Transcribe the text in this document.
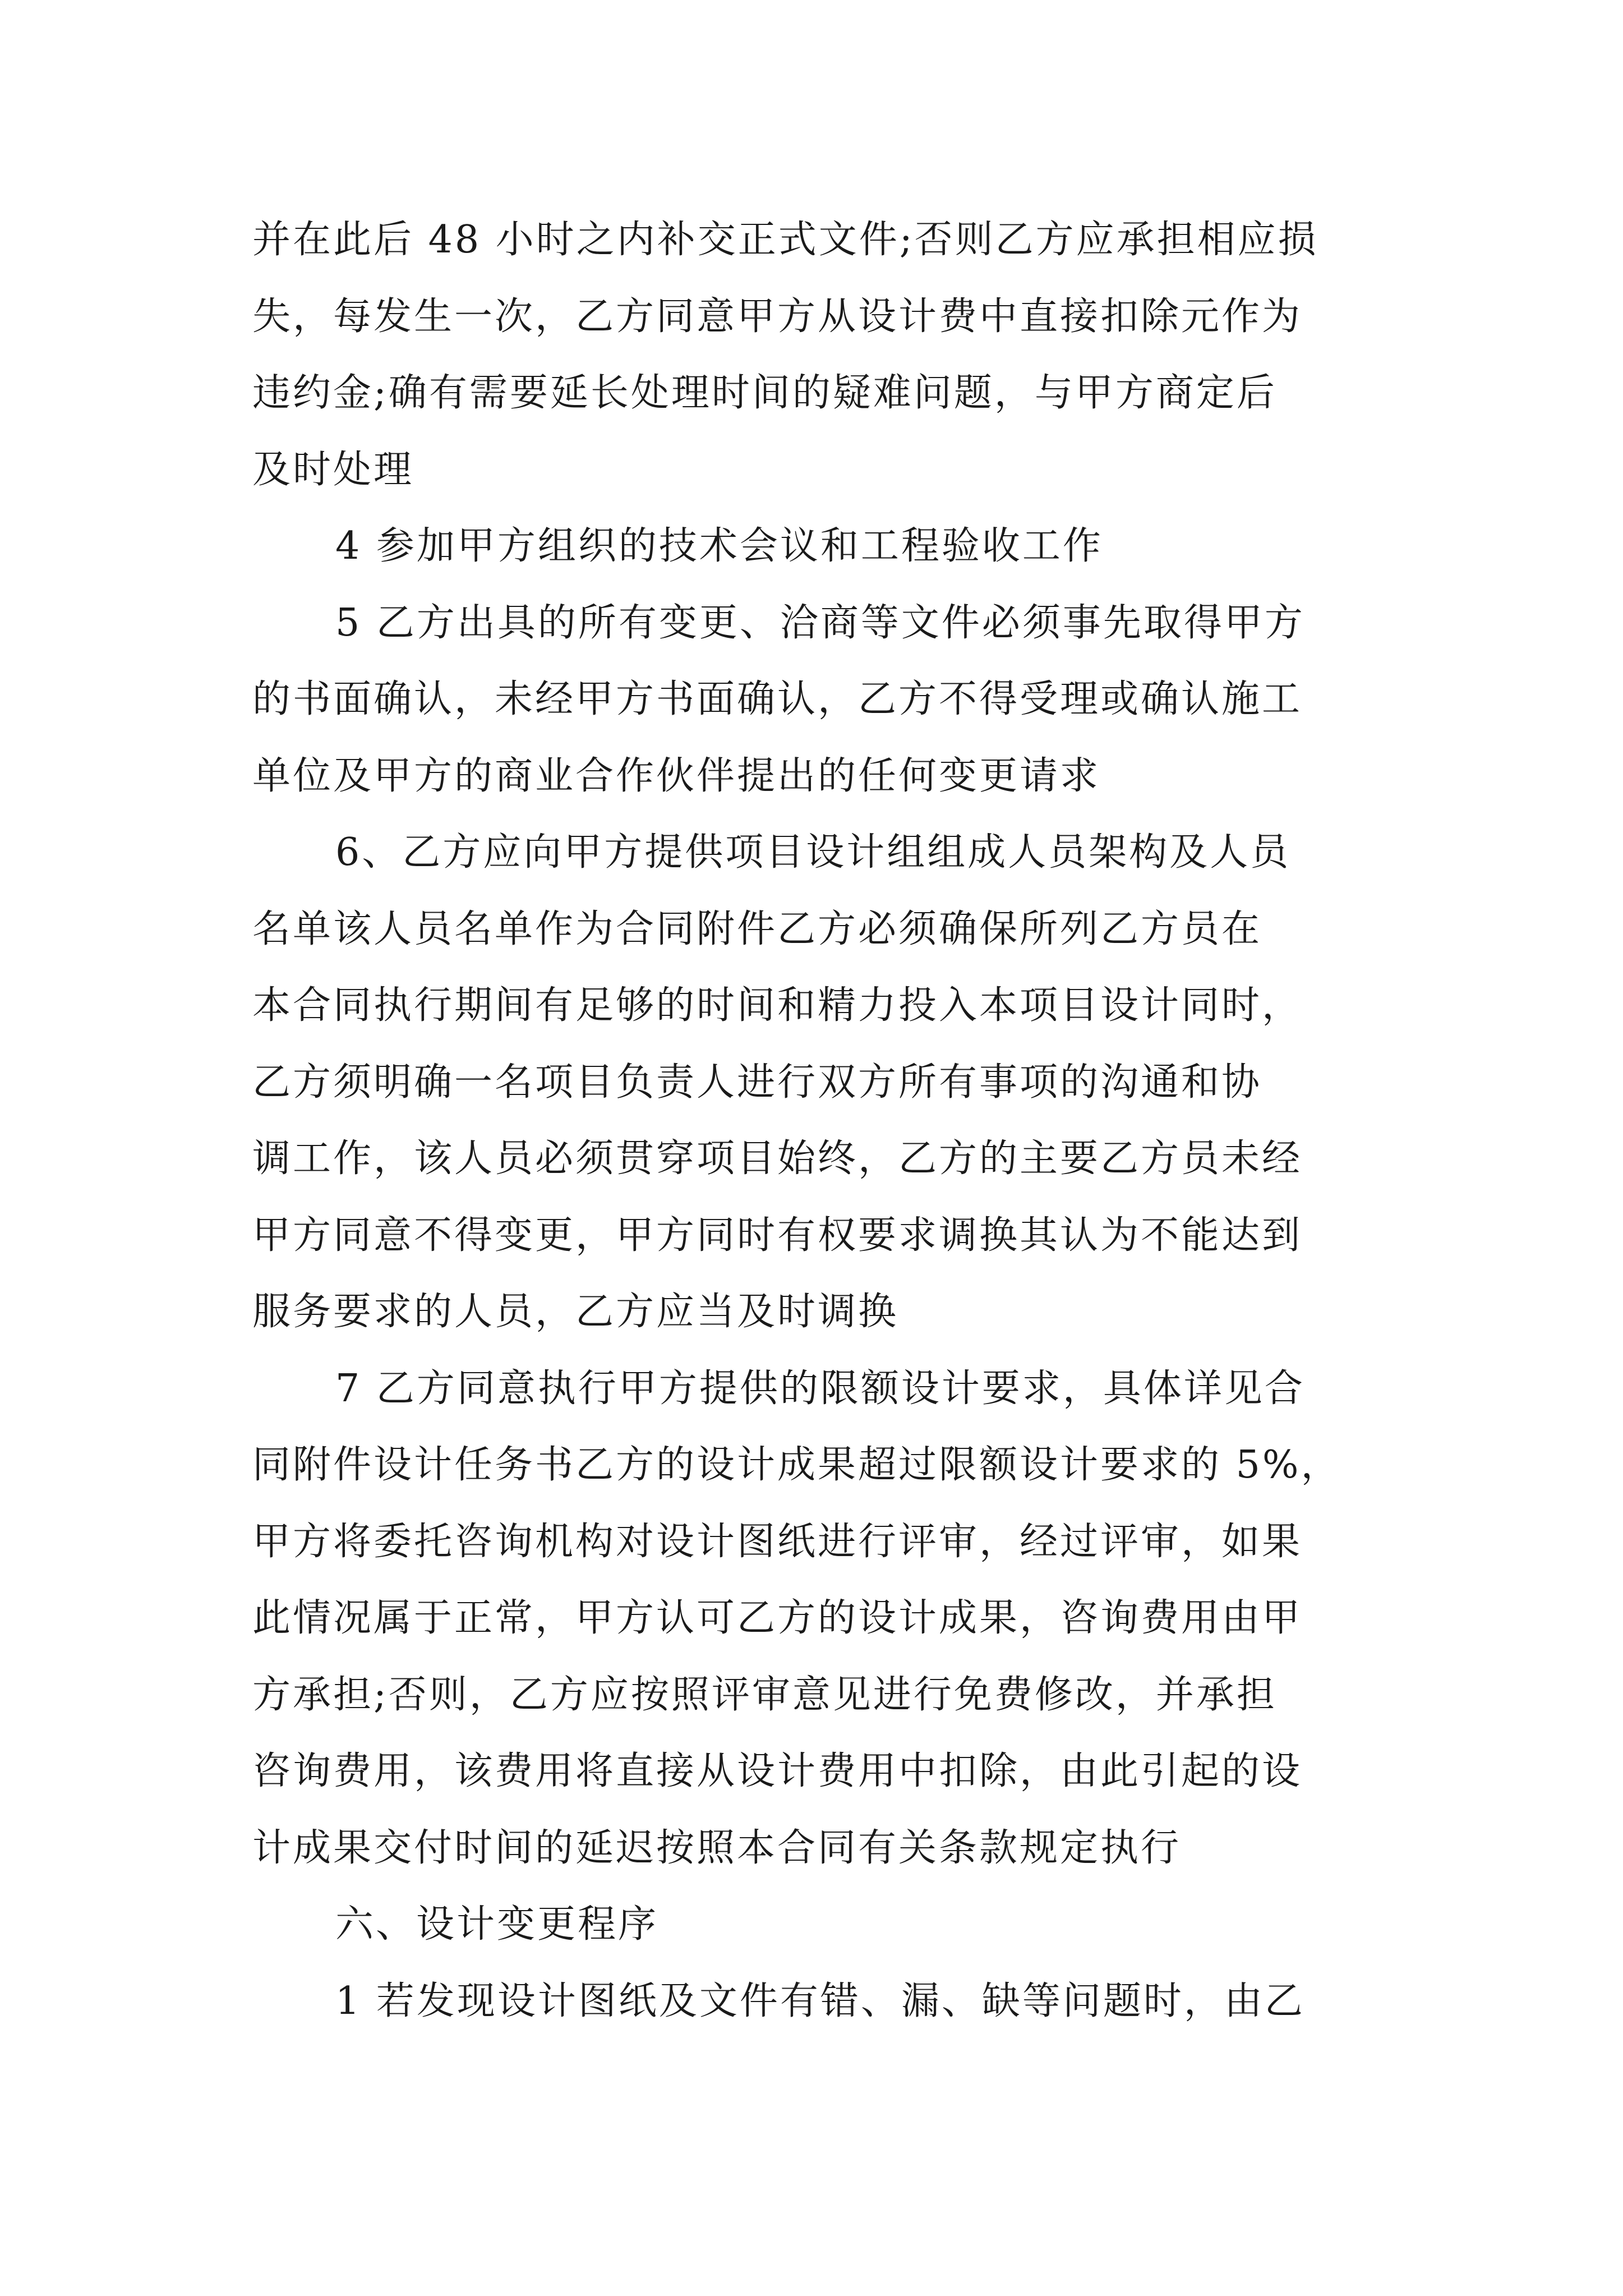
并在此后 48 小时之内补交正式文件;否则乙方应承担相应损
失，每发生一次，乙方同意甲方从设计费中直接扣除元作为
违约金;确有需要延长处理时间的疑难问题，与甲方商定后
及时处理
4 参加甲方组织的技术会议和工程验收工作
5 乙方出具的所有变更、洽商等文件必须事先取得甲方
的书面确认，未经甲方书面确认，乙方不得受理或确认施工
单位及甲方的商业合作伙伴提出的任何变更请求
6、乙方应向甲方提供项目设计组组成人员架构及人员
名单该人员名单作为合同附件乙方必须确保所列乙方员在
本合同执行期间有足够的时间和精力投入本项目设计同时，
乙方须明确一名项目负责人进行双方所有事项的沟通和协
调工作，该人员必须贯穿项目始终，乙方的主要乙方员未经
甲方同意不得变更，甲方同时有权要求调换其认为不能达到
服务要求的人员，乙方应当及时调换
7 乙方同意执行甲方提供的限额设计要求，具体详见合
同附件设计任务书乙方的设计成果超过限额设计要求的 5%，
甲方将委托咨询机构对设计图纸进行评审，经过评审，如果
此情况属于正常，甲方认可乙方的设计成果，咨询费用由甲
方承担;否则，乙方应按照评审意见进行免费修改，并承担
咨询费用，该费用将直接从设计费用中扣除，由此引起的设
计成果交付时间的延迟按照本合同有关条款规定执行
六、设计变更程序
1 若发现设计图纸及文件有错、漏、缺等问题时，由乙
